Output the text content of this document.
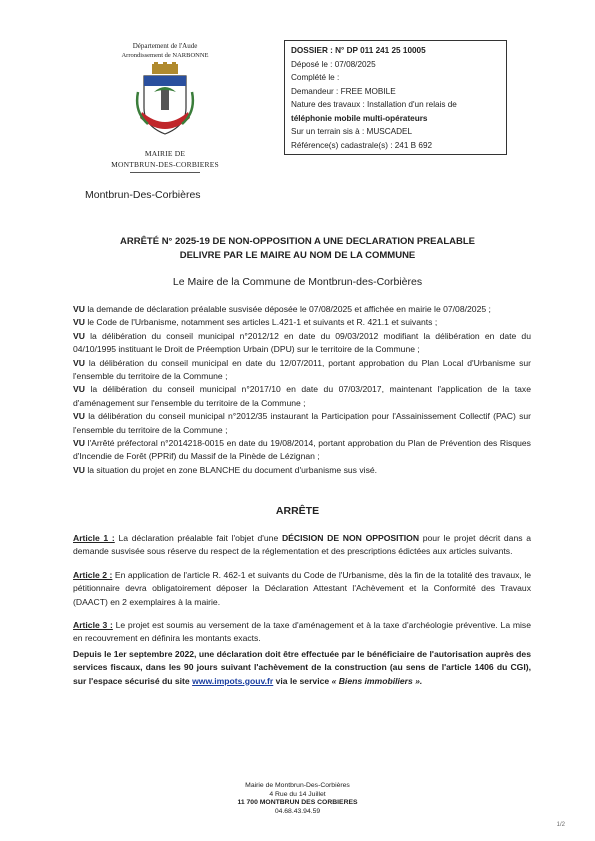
Département de l'Aude
Arrondissement de NARBONNE
MAIRIE DE
MONTBRUN-DES-CORBIERES
Montbrun-Des-Corbières
DOSSIER : N° DP 011 241 25 10005
Déposé le : 07/08/2025
Complété le :
Demandeur : FREE MOBILE
Nature des travaux : Installation d'un relais de
téléphonie mobile multi-opérateurs
Sur un terrain sis à : MUSCADEL
Référence(s) cadastrale(s) : 241 B 692
ARRÊTÉ N° 2025-19 DE NON-OPPOSITION A UNE DECLARATION PREALABLE
DELIVRE PAR LE MAIRE AU NOM DE LA COMMUNE
Le Maire de la Commune de Montbrun-des-Corbières

VU la demande de déclaration préalable susvisée déposée le 07/08/2025 et affichée en mairie le 07/08/2025 ;

VU le Code de l'Urbanisme, notamment ses articles L.421-1 et suivants et R. 421.1 et suivants ;

VU la délibération du conseil municipal n°2012/12 en date du 09/03/2012 modifiant la délibération en date du 04/10/1995 instituant le Droit de Préemption Urbain (DPU) sur le territoire de la Commune ;

VU la délibération du conseil municipal en date du 12/07/2011, portant approbation du Plan Local d'Urbanisme sur l'ensemble du territoire de la Commune ;

VU la délibération du conseil municipal n°2017/10 en date du 07/03/2017, maintenant l'application de la taxe d'aménagement sur l'ensemble du territoire de la Commune ;

VU la délibération du conseil municipal n°2012/35 instaurant la Participation pour l'Assainissement Collectif (PAC) sur l'ensemble du territoire de la Commune ;

VU l'Arrêté préfectoral n°2014218-0015 en date du 19/08/2014, portant approbation du Plan de Prévention des Risques d'Incendie de Forêt (PPRif) du Massif de la Pinède de Lézignan ;

VU la situation du projet en zone BLANCHE du document d'urbanisme sus visé.

ARRÊTE

Article 1 : La déclaration préalable fait l'objet d'une DÉCISION DE NON OPPOSITION pour le projet décrit dans a demande susvisée sous réserve du respect de la réglementation et des prescriptions édictées aux articles suivants.

Article 2 : En application de l'article R. 462-1 et suivants du Code de l'Urbanisme, dès la fin de la totalité des travaux, le pétitionnaire devra obligatoirement déposer la Déclaration Attestant l'Achèvement et la Conformité des Travaux (DAACT) en 2 exemplaires à la mairie.

Article 3 : Le projet est soumis au versement de la taxe d'aménagement et à la taxe d'archéologie préventive. La mise en recouvrement en définira les montants exacts.

Depuis le 1er septembre 2022, une déclaration doit être effectuée par le bénéficiaire de l'autorisation auprès des services fiscaux, dans les 90 jours suivant l'achèvement de la construction (au sens de l'article 1406 du CGI), sur l'espace sécurisé du site www.impots.gouv.fr via le service « Biens immobiliers ».

Mairie de Montbrun-Des-Corbières
4 Rue du 14 Juillet
11 700 MONTBRUN DES CORBIERES
04.68.43.94.59
1/2
